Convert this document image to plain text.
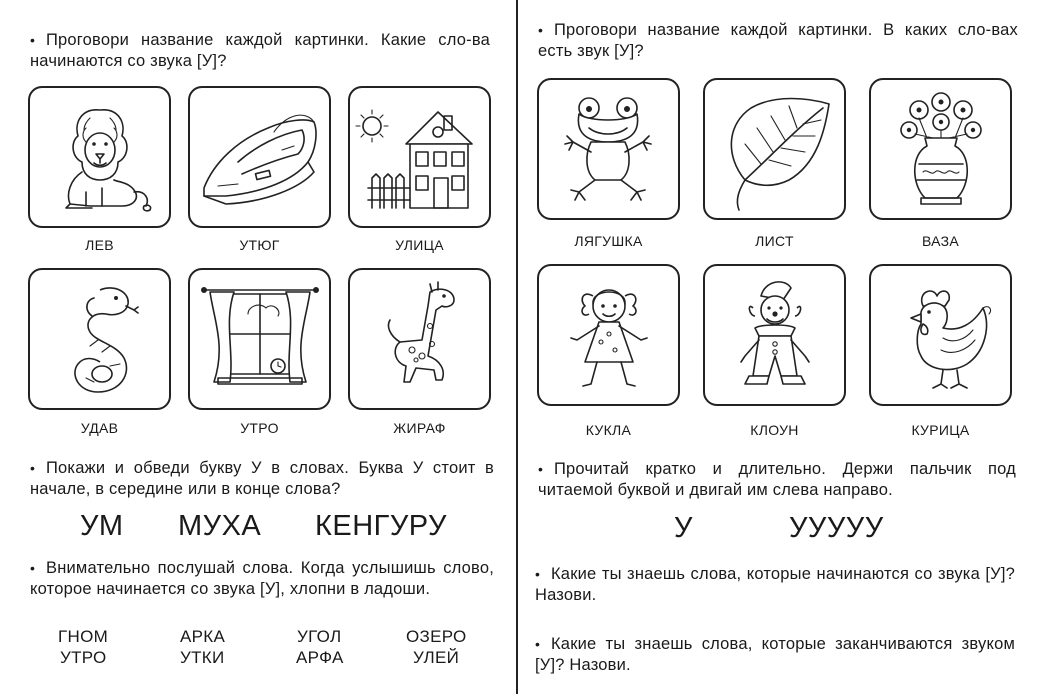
• Проговори название каждой картинки. Какие сло-ва начинаются со звука [У]?
ЛЕВ	УТЮГ	УЛИЦА
УДАВ	УТРО	ЖИРАФ
• Покажи и обведи букву У в словах. Буква У стоит в начале, в середине или в конце слова?
УМ МУХА КЕНГУРУ
• Внимательно послушай слова. Когда услышишь слово, которое начинается со звука [У], хлопни в ладоши.
ГНОМ	АРКА	УГОЛ	ОЗЕРО
УТРО	УТКИ	АРФА	УЛЕЙ
• Проговори название каждой картинки. В каких сло-вах есть звук [У]?
ЛЯГУШКА	ЛИСТ	ВАЗА
КУКЛА	КЛОУН	КУРИЦА
• Прочитай кратко и длительно. Держи пальчик под читаемой буквой и двигай им слева направо.
У	УУУУУ
• Какие ты знаешь слова, которые начинаются со звука [У]? Назови.
• Какие ты знаешь слова, которые заканчиваются звуком [У]? Назови.
